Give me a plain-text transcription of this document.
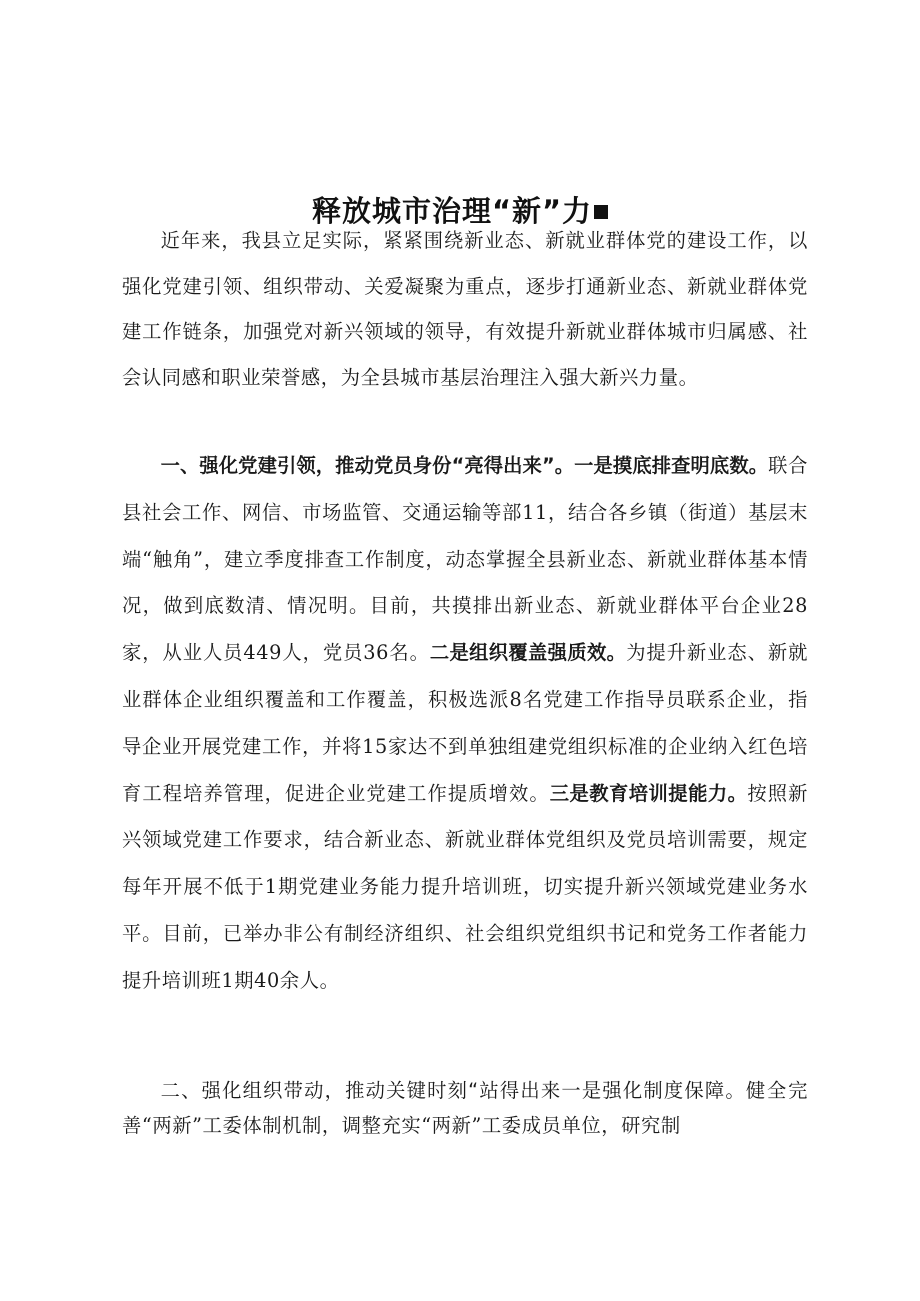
释放城市治理“新”力

近年来，我县立足实际，紧紧围绕新业态、新就业群体党的建设工作，以强化党建引领、组织带动、关爱凝聚为重点，逐步打通新业态、新就业群体党建工作链条，加强党对新兴领域的领导，有效提升新就业群体城市归属感、社会认同感和职业荣誉感，为全县城市基层治理注入强大新兴力量。

一、强化党建引领，推动党员身份“亮得出来”。一是摸底排查明底数。联合县社会工作、网信、市场监管、交通运输等部11，结合各乡镇（街道）基层末端“触角”，建立季度排查工作制度，动态掌握全县新业态、新就业群体基本情况，做到底数清、情况明。目前，共摸排出新业态、新就业群体平台企业28家，从业人员449人，党员36名。二是组织覆盖强质效。为提升新业态、新就业群体企业组织覆盖和工作覆盖，积极选派8名党建工作指导员联系企业，指导企业开展党建工作，并将15家达不到单独组建党组织标准的企业纳入红色培育工程培养管理，促进企业党建工作提质增效。三是教育培训提能力。按照新兴领域党建工作要求，结合新业态、新就业群体党组织及党员培训需要，规定每年开展不低于1期党建业务能力提升培训班，切实提升新兴领域党建业务水平。目前，已举办非公有制经济组织、社会组织党组织书记和党务工作者能力提升培训班1期40余人。

二、强化组织带动，推动关键时刻“站得出来一是强化制度保障。健全完善“两新”工委体制机制，调整充实“两新”工委成员单位，研究制
